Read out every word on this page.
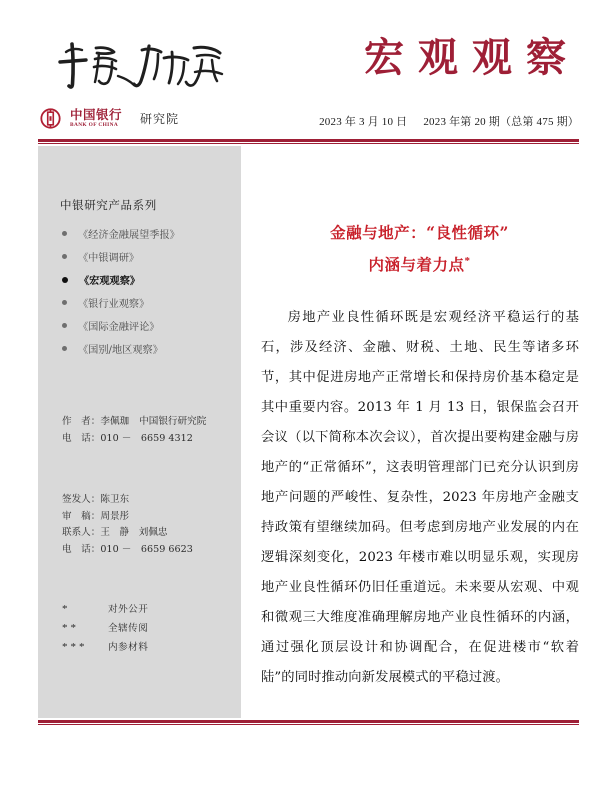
宏观观察
中国银行
BANK OF CHINA	研究院	2023 年 3 月 10 日 2023 年第 20 期（总第 475 期）
中银研究产品系列
《经济金融展望季报》
《中银调研》
《宏观观察》
《银行业观察》
《国际金融评论》
《国别/地区观察》
作　者：李佩珈 中国银行研究院
电　话：010 －　6659 4312
签发人：陈卫东
审　稿：周景彤
联系人：王　静　刘佩忠
电　话：010 －　6659 6623
*	对外公开
**	全辖传阅
***	内参材料
金融与地产：“良性循环”
内涵与着力点*

房地产业良性循环既是宏观经济平稳运行的基石，涉及经济、金融、财税、土地、民生等诸多环节，其中促进房地产正常增长和保持房价基本稳定是其中重要内容。2013 年 1 月 13 日，银保监会召开会议（以下简称本次会议），首次提出要构建金融与房地产的“正常循环”，这表明管理部门已充分认识到房地产问题的严峻性、复杂性，2023 年房地产金融支持政策有望继续加码。但考虑到房地产业发展的内在逻辑深刻变化，2023 年楼市难以明显乐观，实现房地产业良性循环仍旧任重道远。未来要从宏观、中观和微观三大维度准确理解房地产业良性循环的内涵，通过强化顶层设计和协调配合，在促进楼市“软着陆”的同时推动向新发展模式的平稳过渡。
